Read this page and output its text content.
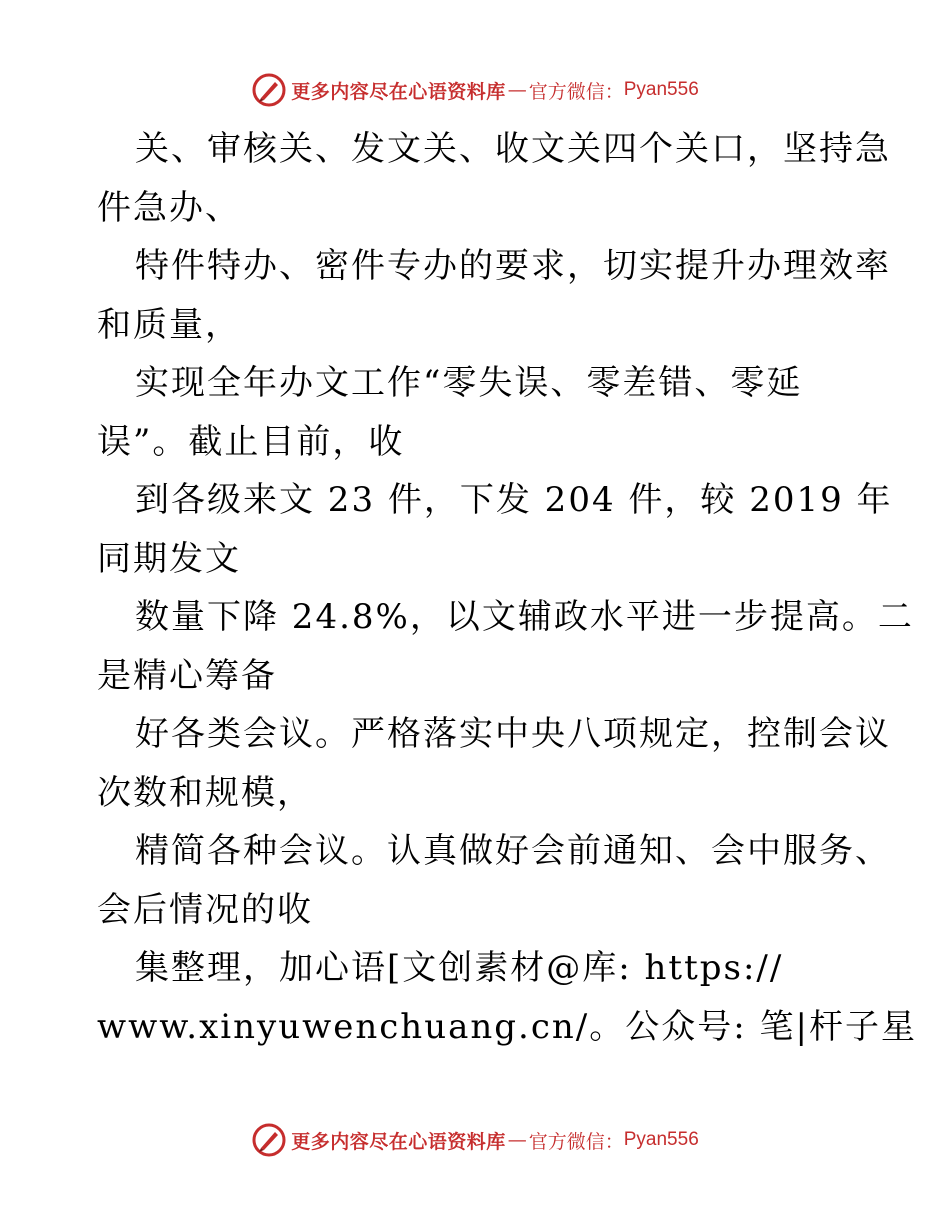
更多内容尽在心语资料库 — 官方微信： Pyan556
关、审核关、发文关、收文关四个关口，坚持急
件急办、
特件特办、密件专办的要求，切实提升办理效率
和质量，
实现全年办文工作“零失误、零差错、零延
误”。截止目前，收
到各级来文 23 件，下发 204 件，较 2019 年
同期发文
数量下降 24.8%，以文辅政水平进一步提高。二
是精心筹备
好各类会议。严格落实中央八项规定，控制会议
次数和规模，
精简各种会议。认真做好会前通知、会中服务、
会后情况的收
集整理，加心语[文创素材@库: https://
www.xinyuwenchuang.cn/。公众号: 笔|杆子星
更多内容尽在心语资料库 — 官方微信： Pyan556
